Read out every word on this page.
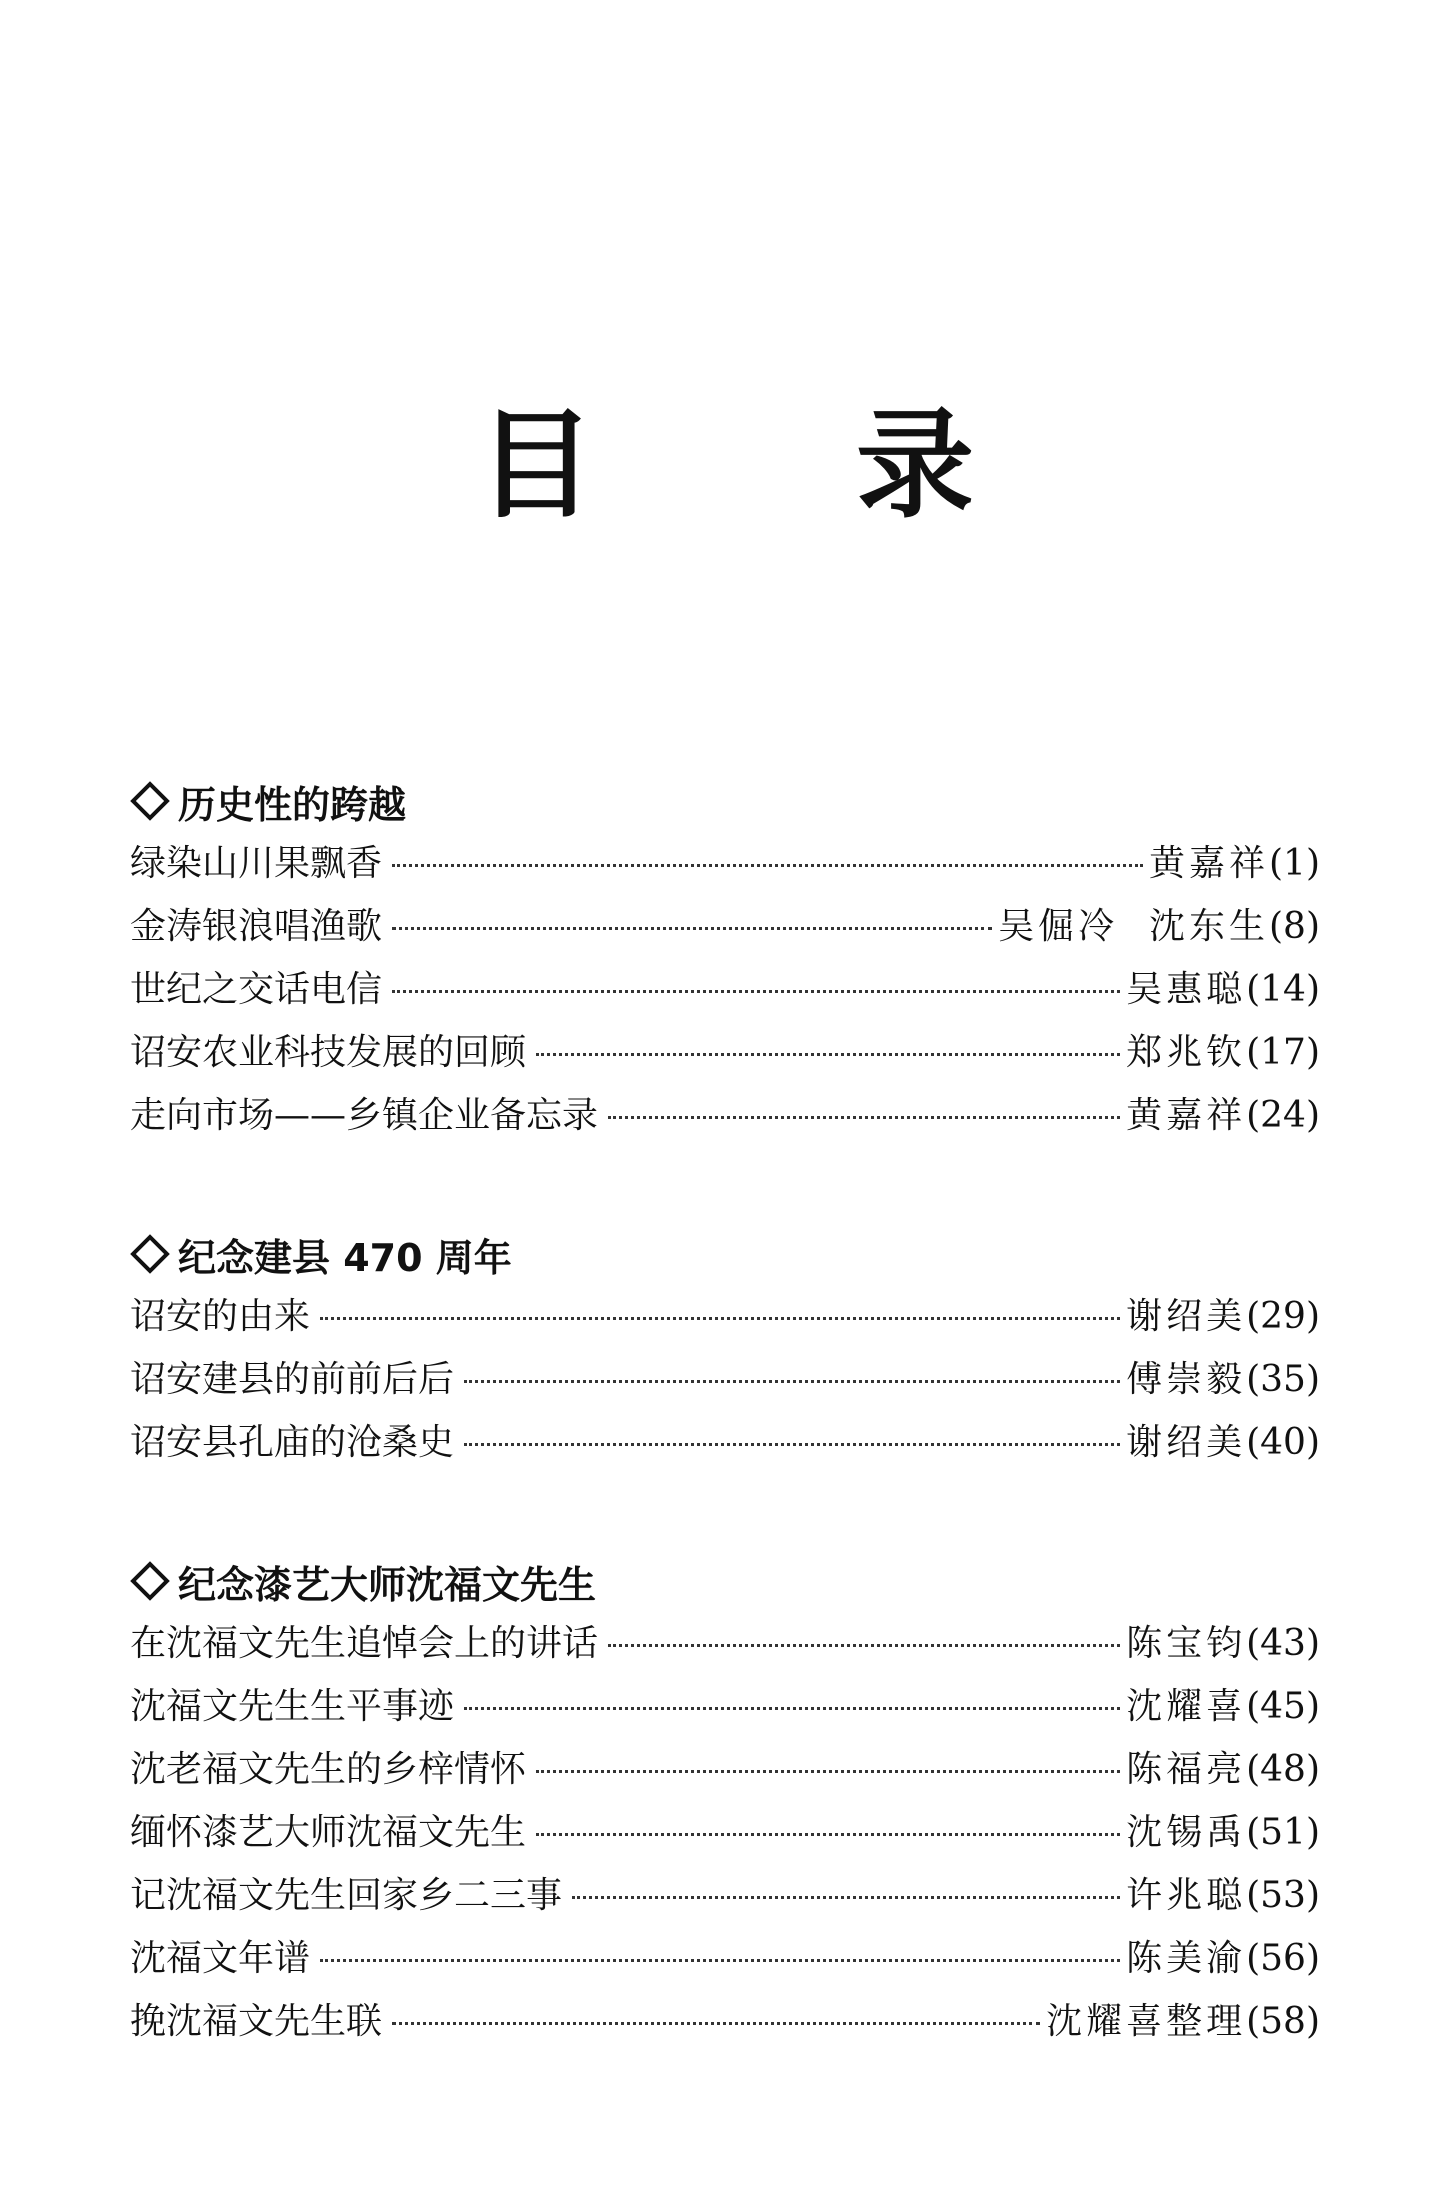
目 录
历史性的跨越
绿染山川果飘香	黄嘉祥 (1)
金涛银浪唱渔歌	吴倔冷  沈东生 (8)
世纪之交话电信	吴惠聪 (14)
诏安农业科技发展的回顾	郑兆钦 (17)
走向市场——乡镇企业备忘录	黄嘉祥 (24)
纪念建县 470 周年
诏安的由来	谢绍美 (29)
诏安建县的前前后后	傅崇毅 (35)
诏安县孔庙的沧桑史	谢绍美 (40)
纪念漆艺大师沈福文先生
在沈福文先生追悼会上的讲话	陈宝钧 (43)
沈福文先生生平事迹	沈耀喜 (45)
沈老福文先生的乡梓情怀	陈福亮 (48)
缅怀漆艺大师沈福文先生	沈锡禹 (51)
记沈福文先生回家乡二三事	许兆聪 (53)
沈福文年谱	陈美渝 (56)
挽沈福文先生联	沈耀喜整理 (58)
